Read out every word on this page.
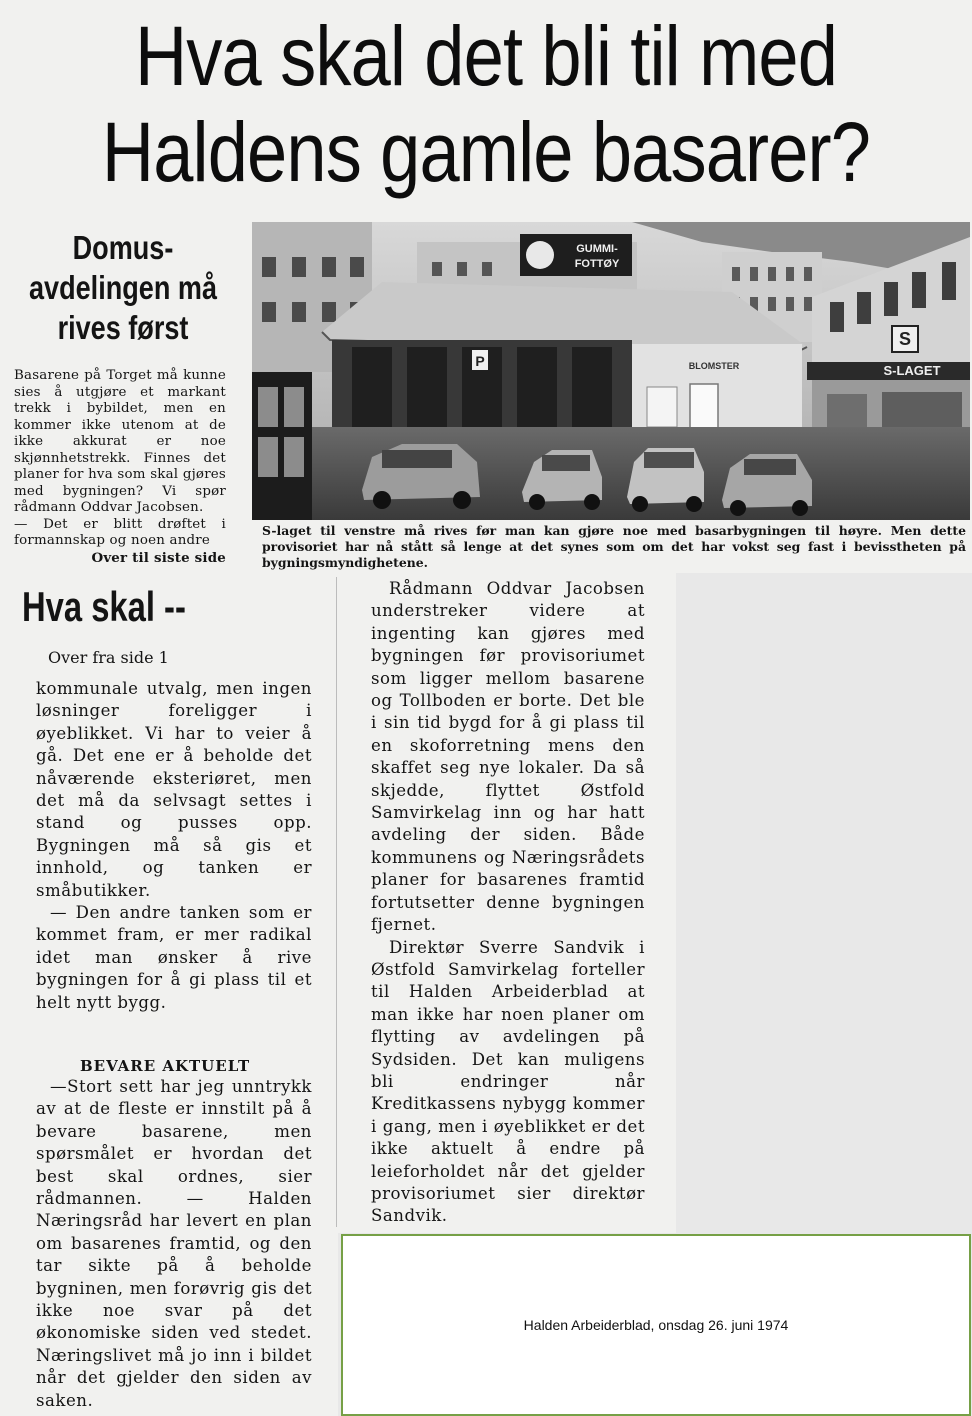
Hva skal det bli til med Haldens gamle basarer?
Domus-avdelingen må rives først

Basarene på Torget må kunne sies å utgjøre et markant trekk i bybildet, men en kommer ikke utenom at de ikke akkurat er noe skjønnhetstrekk. Finnes det planer for hva som skal gjøres med bygningen? Vi spør rådmann Oddvar Jacobsen.

— Det er blitt drøftet i formannskap og noen andre

Over til siste side

GUMMI-
FOTTØY
S-LAGET
S
P	BLOMSTER
S-laget til venstre må rives før man kan gjøre noe med basarbygningen til høyre. Men dette provisoriet har nå stått så lenge at det synes som om det har vokst seg fast i bevisstheten på bygningsmyndighetene.
Hva skal --
Over fra side 1

kommunale utvalg, men ingen løsninger foreligger i øyeblikket. Vi har to veier å gå. Det ene er å beholde det nåværende eksteriøret, men det må da selvsagt settes i stand og pusses opp. Bygningen må så gis et innhold, og tanken er småbutikker.

— Den andre tanken som er kommet fram, er mer radikal idet man ønsker å rive bygningen for å gi plass til et helt nytt bygg.

BEVARE AKTUELT

—Stort sett har jeg unntrykk av at de fleste er innstilt på å bevare basarene, men spørsmålet er hvordan det best skal ordnes, sier rådmannen. — Halden Næringsråd har levert en plan om basarenes framtid, og den tar sikte på å beholde bygninen, men forøvrig gis det ikke noe svar på det økonomiske siden ved stedet. Næringslivet må jo inn i bildet når det gjelder den siden av saken.

Rådmann Oddvar Jacobsen understreker videre at ingenting kan gjøres med bygningen før provisoriumet som ligger mellom basarene og Tollboden er borte. Det ble i sin tid bygd for å gi plass til en skoforretning mens den skaffet seg nye lokaler. Da så skjedde, flyttet Østfold Samvirkelag inn og har hatt avdeling der siden. Både kommunens og Næringsrådets planer for basarenes framtid fortutsetter denne bygningen fjernet.

Direktør Sverre Sandvik i Østfold Samvirkelag forteller til Halden Arbeiderblad at man ikke har noen planer om flytting av avdelingen på Sydsiden. Det kan muligens bli endringer når Kreditkassens nybygg kommer i gang, men i øyeblikket er det ikke aktuelt å endre på leieforholdet når det gjelder provisoriumet sier direktør Sandvik.

Halden Arbeiderblad, onsdag 26. juni 1974
